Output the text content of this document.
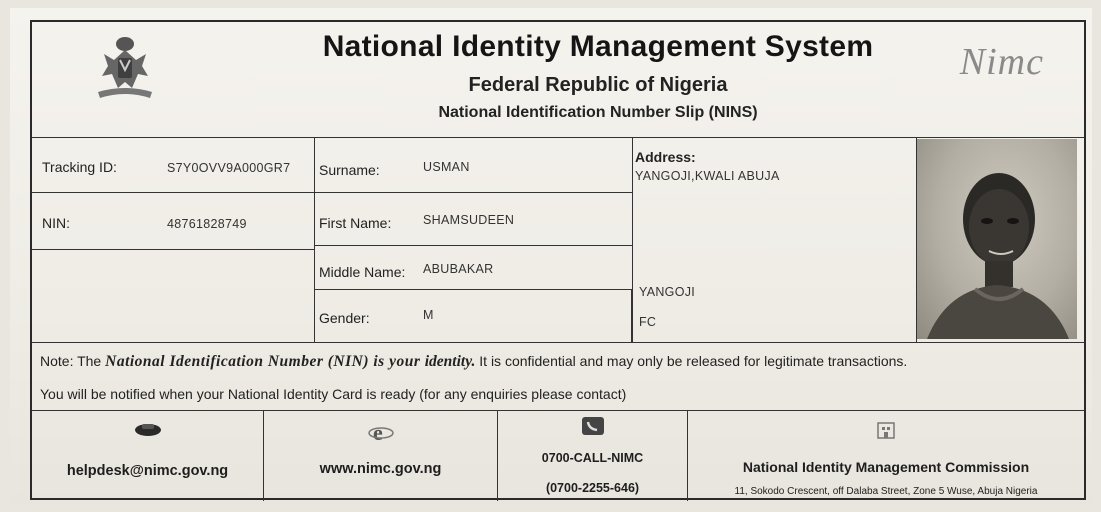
National Identity Management System
Federal Republic of Nigeria
National Identification Number Slip (NINS)
Nimc
Tracking ID:	S7Y0OVV9A000GR7
NIN:	48761828749
Surname:	USMAN
First Name:	SHAMSUDEEN
Middle Name: ABUBAKAR
Gender:	M
Address:
YANGOJI,KWALI ABUJA
YANGOJI
FC
Note: The National Identification Number (NIN) is your identity. It is confidential and may only be released for legitimate transactions.
You will be notified when your National Identity Card is ready (for any enquiries please contact)
helpdesk@nimc.gov.ng
e
www.nimc.gov.ng
0700-CALL-NIMC
(0700-2255-646)
National Identity Management Commission
11, Sokodo Crescent, off Dalaba Street, Zone 5 Wuse, Abuja Nigeria
